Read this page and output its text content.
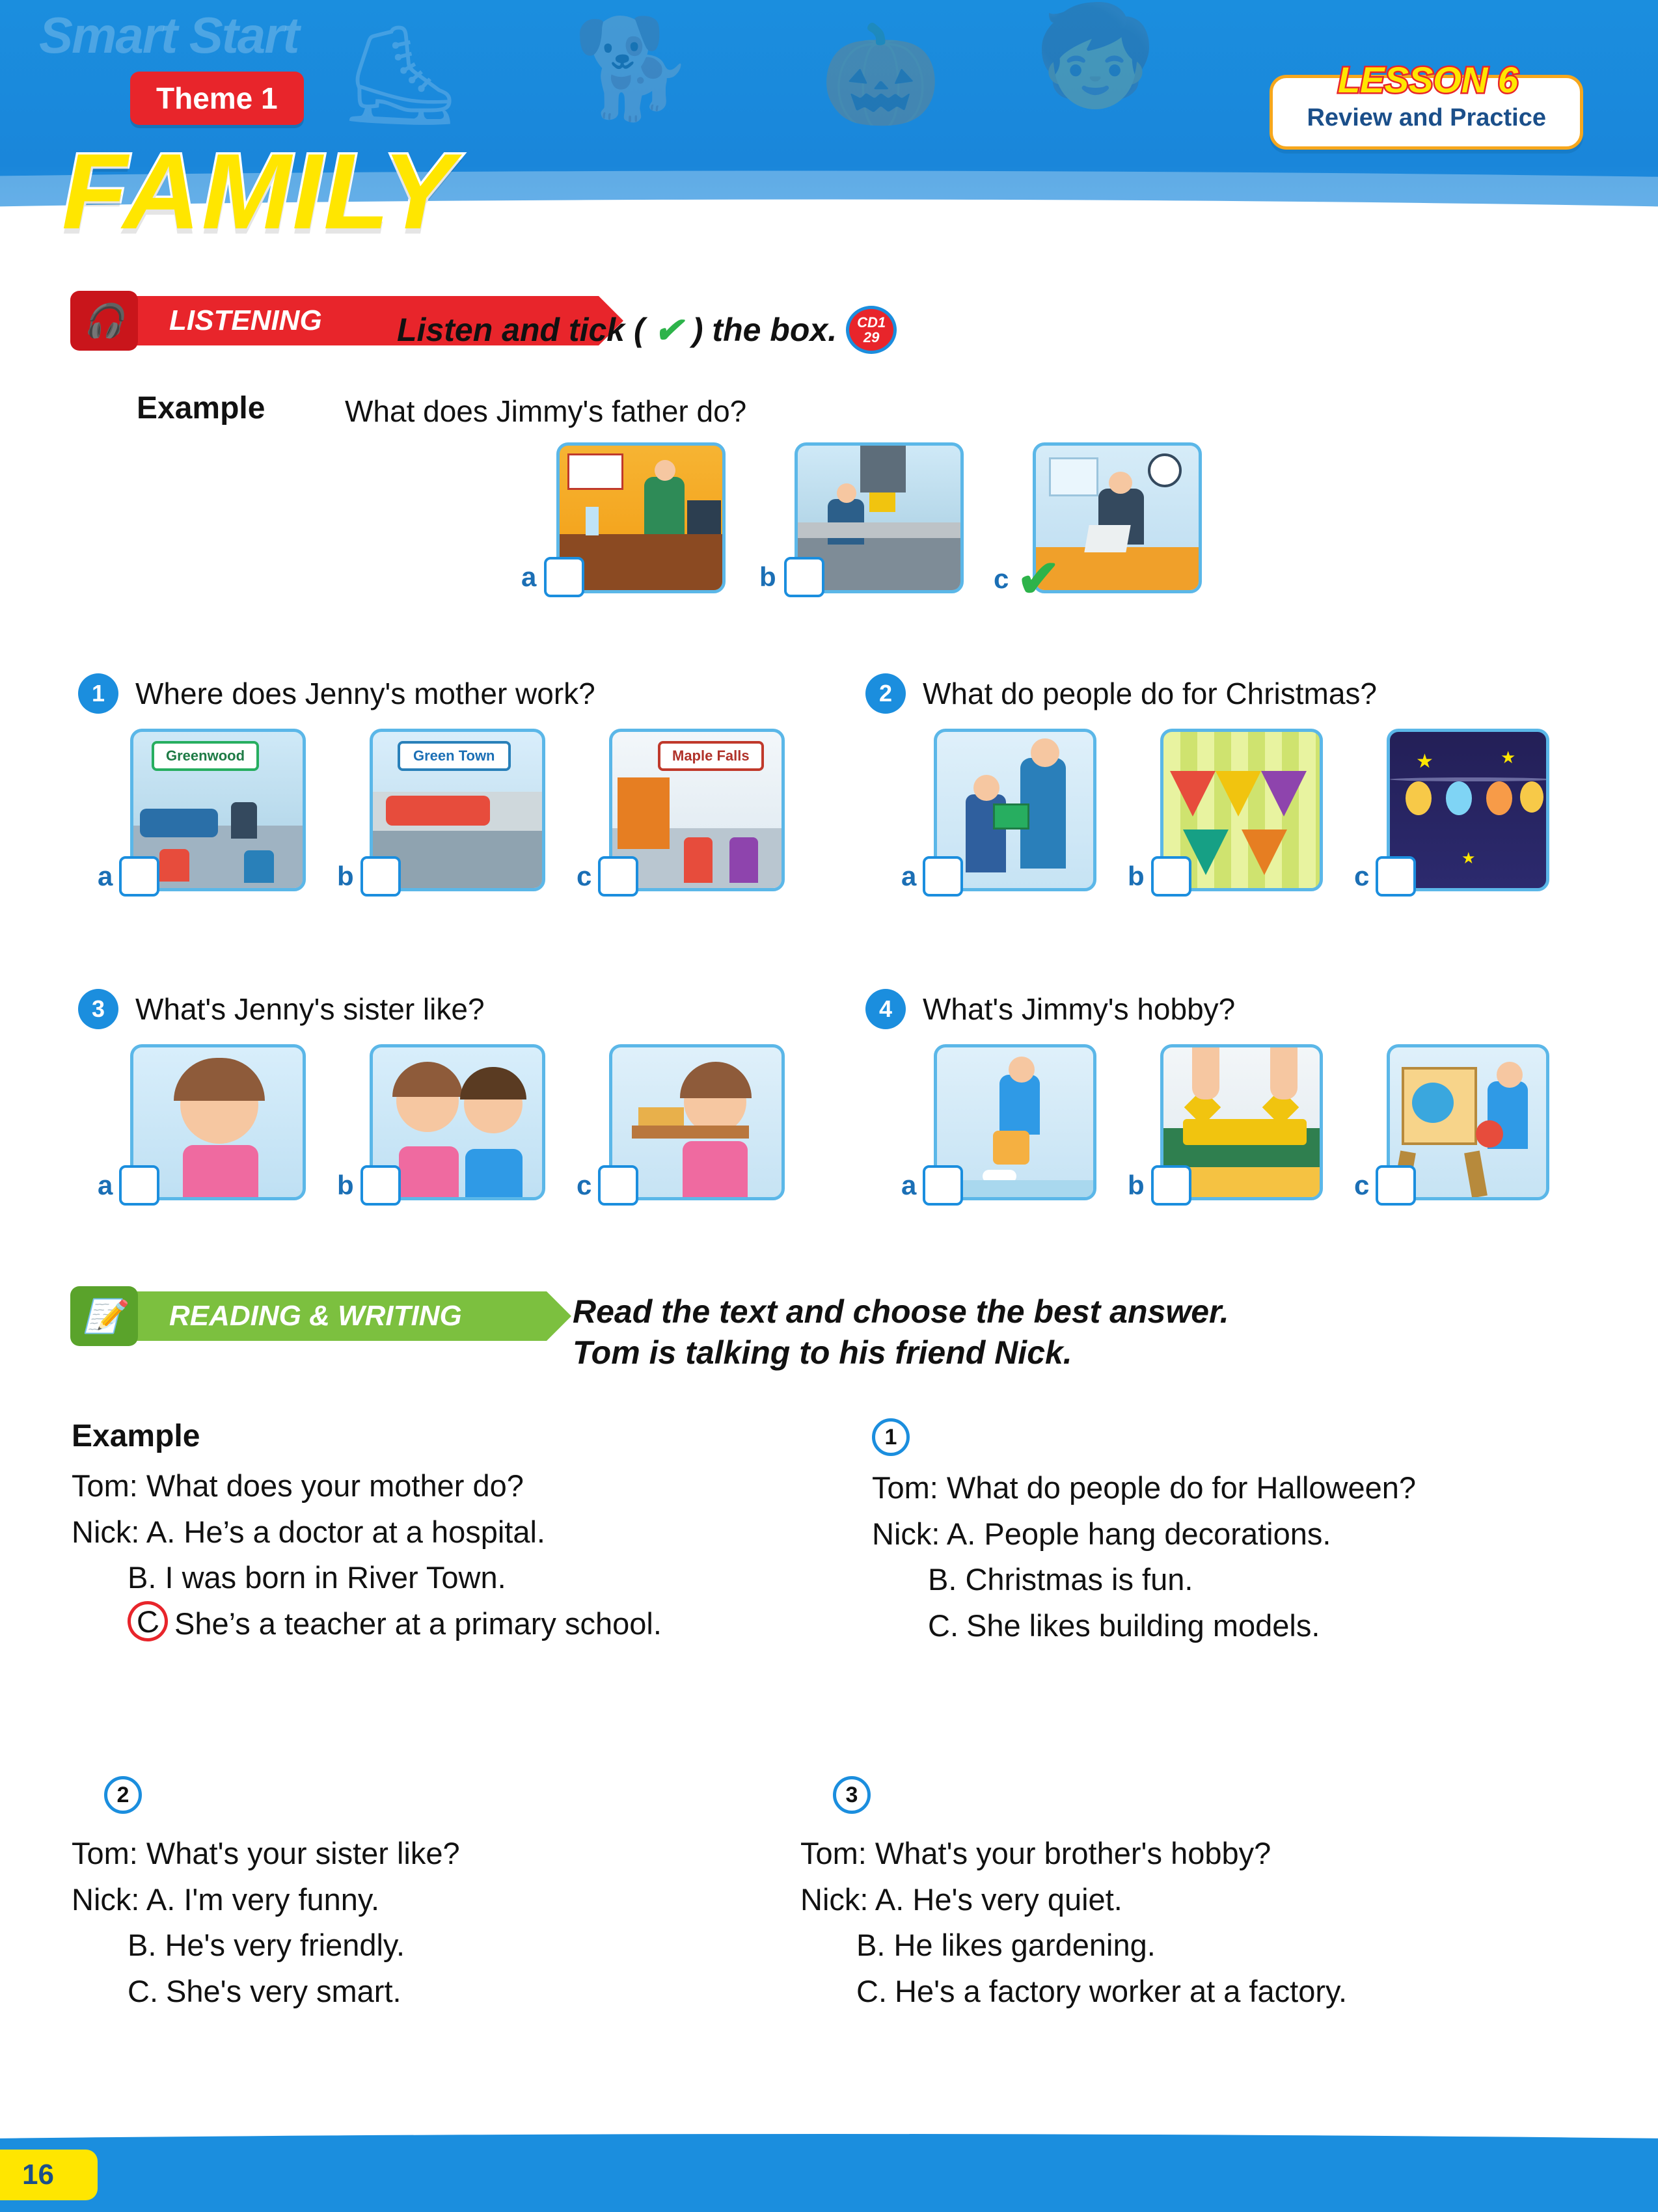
⛸ 🐕 🎃 🧒
Smart Start
Theme 1
FAMILY
Review and Practice
LESSON 6
🎧	LISTENING Listen and tick ( ✔ ) the box. CD1
29
Example	What does Jimmy's father do?
a	b	c ✔
1	Where does Jenny's mother work?
Greenwood
a
Green Town
b
Maple Falls
c
2	What do people do for Christmas?
a	b
★	★
★
c
3	What's Jenny's sister like?
a	b	c
4	What's Jimmy's hobby?
a	b	c
📝	READING & WRITING	Read the text and choose the best answer.
Tom is talking to his friend Nick.
Example
Tom: What does your mother do?
Nick: A. He’s a doctor at a hospital.
B. I was born in River Town.
C She’s a teacher at a primary school.
1
Tom: What do people do for Halloween?
Nick: A. People hang decorations.
B. Christmas is fun.
C. She likes building models.
2
Tom: What's your sister like?
Nick: A. I'm very funny.
B. He's very friendly.
C. She's very smart.
3
Tom: What's your brother's hobby?
Nick: A. He's very quiet.
B. He likes gardening.
C. He's a factory worker at a factory.
16
